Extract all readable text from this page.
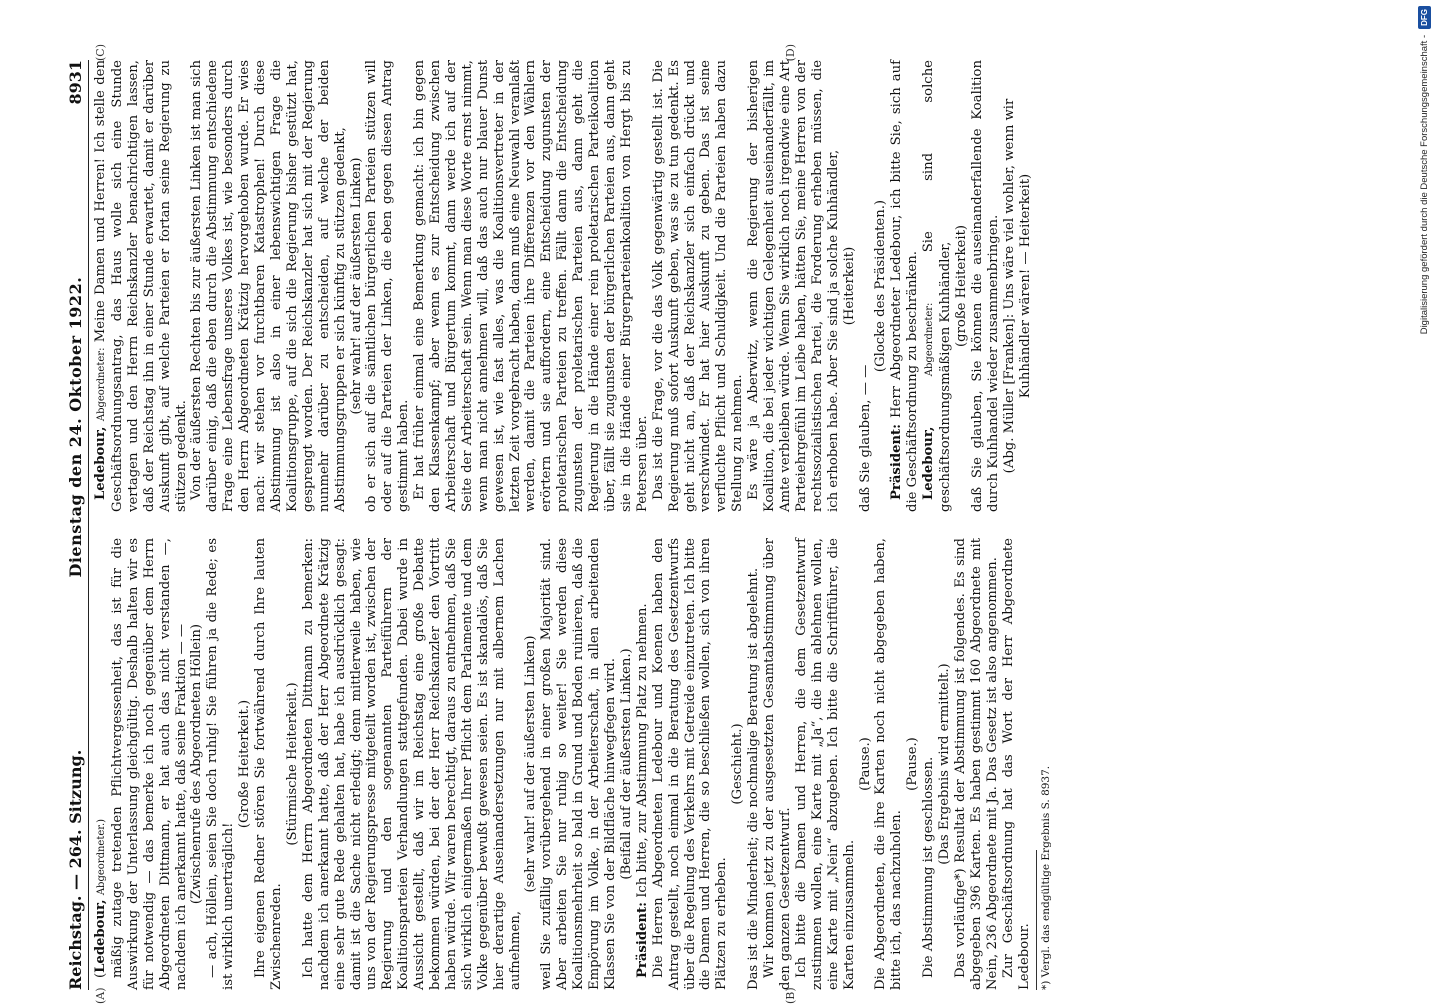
Reichstag. — 264. Sitzung.
Dienstag den 24. Oktober 1922.
8931
(A)	(B)

(Ledebour, Abgeordneter.) mäßig zutage tretenden Pflichtvergessenheit, das ist für die Auswirkung der Unterlassung gleichgültig. Deshalb halten wir es für notwendig — das bemerke ich noch gegenüber dem Herrn Abgeordneten Dittmann, er hat auch das nicht verstanden —, nachdem ich anerkannt hatte, daß seine Fraktion — — (Zwischenrufe des Abgeordneten Höllein) — ach, Höllein, seien Sie doch ruhig! Sie führen ja die Rede; es ist wirklich unerträglich!

(Große Heiterkeit.) Ihre eigenen Redner stören Sie fortwährend durch Ihre lauten Zwischenreden.

(Stürmische Heiterkeit.) Ich hatte dem Herrn Abgeordneten Dittmann zu bemerken: nachdem ich anerkannt hatte, daß der Herr Abgeordnete Krätzig eine sehr gute Rede gehalten hat, habe ich ausdrücklich gesagt: damit ist die Sache nicht erledigt; denn mittlerweile haben, wie uns von der Regierungspresse mitgeteilt worden ist, zwischen der Regierung und den sogenannten Parteiführern der Koalitionsparteien Verhandlungen stattgefunden. Dabei wurde in Aussicht gestellt, daß wir im Reichstag eine große Debatte bekommen würden, bei der der Herr Reichskanzler den Vortritt haben würde. Wir waren berechtigt, daraus zu entnehmen, daß Sie sich wirklich einigermaßen Ihrer Pflicht dem Parlamente und dem Volke gegenüber bewußt gewesen seien. Es ist skandalös, daß Sie hier derartige Auseinandersetzungen nur mit albernem Lachen aufnehmen,

(sehr wahr! auf der äußersten Linken) weil Sie zufällig vorübergehend in einer großen Majorität sind. Aber arbeiten Sie nur ruhig so weiter! Sie werden diese Koalitionsmehrheit so bald in Grund und Boden ruinieren, daß die Empörung im Volke, in der Arbeiterschaft, in allen arbeitenden Klassen Sie von der Bildfläche hinwegfegen wird. (Beifall auf der äußersten Linken.)

Präsident: Ich bitte, zur Abstimmung Platz zu nehmen. Die Herren Abgeordneten Ledebour und Koenen haben den Antrag gestellt, noch einmal in die Beratung des Gesetzentwurfs über die Regelung des Verkehrs mit Getreide einzutreten. Ich bitte die Damen und Herren, die so beschließen wollen, sich von ihren Plätzen zu erheben.

(Geschieht.) Das ist die Minderheit; die nochmalige Beratung ist abgelehnt. Wir kommen jetzt zu der ausgesetzten Gesamtabstimmung über den ganzen Gesetzentwurf. Ich bitte die Damen und Herren, die dem Gesetzentwurf zustimmen wollen, eine Karte mit „Ja“, die ihn ablehnen wollen, eine Karte mit „Nein“ abzugeben. Ich bitte die Schriftführer, die Karten einzusammeln.

(Pause.) Die Abgeordneten, die ihre Karten noch nicht abgegeben haben, bitte ich, das nachzuholen.

(Pause.) Die Abstimmung ist geschlossen. (Das Ergebnis wird ermittelt.) Das vorläufige*) Resultat der Abstimmung ist folgendes. Es sind abgegeben 396 Karten. Es haben gestimmt 160 Abgeordnete mit Nein, 236 Abgeordnete mit Ja. Das Gesetz ist also angenommen. Zur Geschäftsordnung hat das Wort der Herr Abgeordnete Ledebour. *) Vergl. das endgültige Ergebnis S. 8937.
(C)	(D)

Ledebour, Abgeordneter: Meine Damen und Herren! Ich stelle den Geschäftsordnungsantrag, das Haus wolle sich eine Stunde vertagen und den Herrn Reichskanzler benachrichtigen lassen, daß der Reichstag ihn in einer Stunde erwartet, damit er darüber Auskunft gibt, auf welche Parteien er fortan seine Regierung zu stützen gedenkt. Von der äußersten Rechten bis zur äußersten Linken ist man sich darüber einig, daß die eben durch die Abstimmung entschiedene Frage eine Lebensfrage unseres Volkes ist, wie besonders durch den Herrn Abgeordneten Krätzig hervorgehoben wurde. Er wies nach: wir stehen vor furchtbaren Katastrophen! Durch diese Abstimmung ist also in einer lebenswichtigen Frage die Koalitionsgruppe, auf die sich die Regierung bisher gestützt hat, gesprengt worden. Der Reichskanzler hat sich mit der Regierung nunmehr darüber zu entscheiden, auf welche der beiden Abstimmungsgruppen er sich künftig zu stützen gedenkt, (sehr wahr! auf der äußersten Linken) ob er sich auf die sämtlichen bürgerlichen Parteien stützen will oder auf die Parteien der Linken, die eben gegen diesen Antrag gestimmt haben. Er hat früher einmal eine Bemerkung gemacht: ich bin gegen den Klassenkampf; aber wenn es zur Entscheidung zwischen Arbeiterschaft und Bürgertum kommt, dann werde ich auf der Seite der Arbeiterschaft sein. Wenn man diese Worte ernst nimmt, wenn man nicht annehmen will, daß das auch nur blauer Dunst gewesen ist, wie fast alles, was die Koalitionsvertreter in der letzten Zeit vorgebracht haben, dann muß eine Neuwahl veranlaßt werden, damit die Parteien ihre Differenzen vor den Wählern erörtern und sie auffordern, eine Entscheidung zugunsten der proletarischen Parteien zu treffen. Fällt dann die Entscheidung zugunsten der proletarischen Parteien aus, dann geht die Regierung in die Hände einer rein proletarischen Parteikoalition über, fällt sie zugunsten der bürgerlichen Parteien aus, dann geht sie in die Hände einer Bürgerparteienkoalition von Hergt bis zu Petersen über. Das ist die Frage, vor die das Volk gegenwärtig gestellt ist. Die Regierung muß sofort Auskunft geben, was sie zu tun gedenkt. Es geht nicht an, daß der Reichskanzler sich einfach drückt und verschwindet. Er hat hier Auskunft zu geben. Das ist seine verfluchte Pflicht und Schuldigkeit. Und die Parteien haben dazu Stellung zu nehmen. Es wäre ja Aberwitz, wenn die Regierung der bisherigen Koalition, die bei jeder wichtigen Gelegenheit auseinanderfällt, im Amte verbleiben würde. Wenn Sie wirklich noch irgendwie eine Art Parteiehrgefühl im Leibe haben, hätten Sie, meine Herren von der rechtssozialistischen Partei, die Forderung erheben müssen, die ich erhoben habe. Aber Sie sind ja solche Kuhhändler, (Heiterkeit)

daß Sie glauben, — —

(Glocke des Präsidenten.)

Präsident: Herr Abgeordneter Ledebour, ich bitte Sie, sich auf die Geschäftsordnung zu beschränken. Ledebour, Abgeordneter: Sie sind solche geschäftsordnungsmäßigen Kuhhändler, (große Heiterkeit) daß Sie glauben, Sie können die auseinanderfallende Koalition durch Kuhhandel wieder zusammenbringen. (Abg. Müller [Franken]: Uns wäre viel wohler, wenn wir Kuhhändler wären! — Heiterkeit)	Digitalisierung gefördert durch die Deutsche Forschungsgemeinschaft -
DFG
